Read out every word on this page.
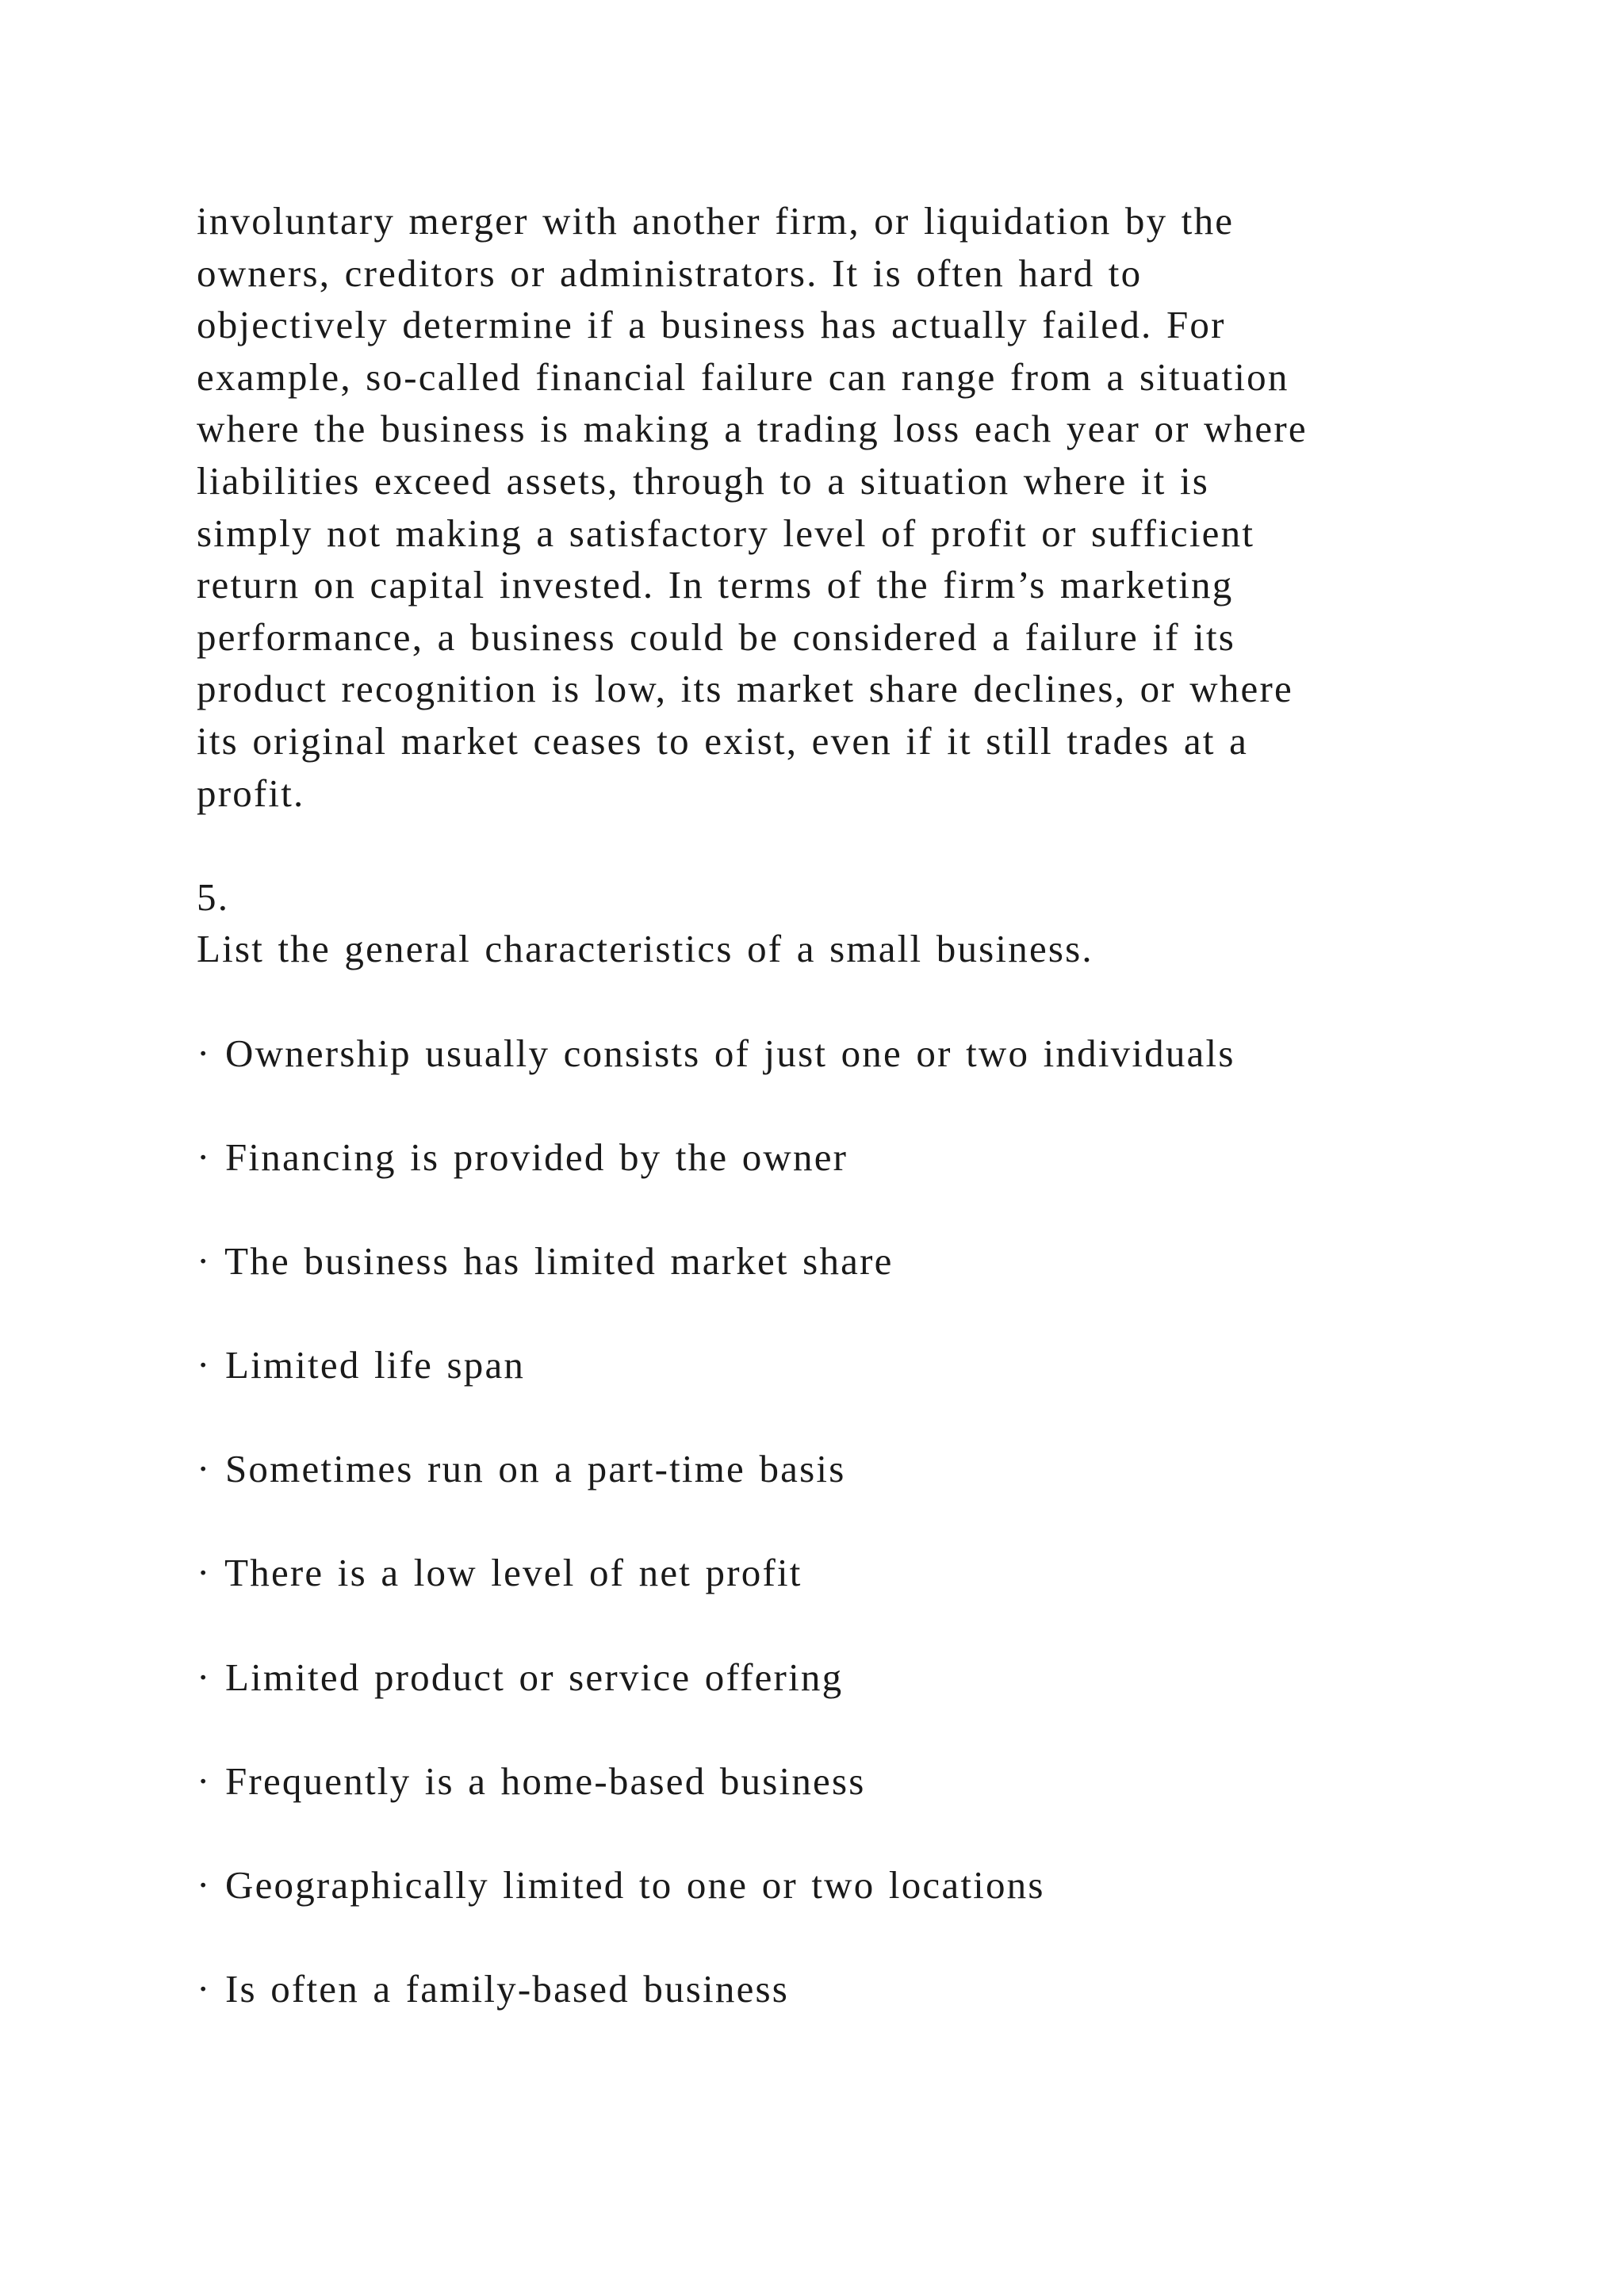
involuntary merger with another firm, or liquidation by the
owners, creditors or administrators. It is often hard to
objectively determine if a business has actually failed. For
example, so-called financial failure can range from a situation
where the business is making a trading loss each year or where
liabilities exceed assets, through to a situation where it is
simply not making a satisfactory level of profit or sufficient
return on capital invested. In terms of the firm’s marketing
performance, a business could be considered a failure if its
product recognition is low, its market share declines, or where
its original market ceases to exist, even if it still trades at a
profit.
5.
List the general characteristics of a small business.
· Ownership usually consists of just one or two individuals
· Financing is provided by the owner
· The business has limited market share
· Limited life span
· Sometimes run on a part-time basis
· There is a low level of net profit
· Limited product or service offering
· Frequently is a home-based business
· Geographically limited to one or two locations
· Is often a family-based business
